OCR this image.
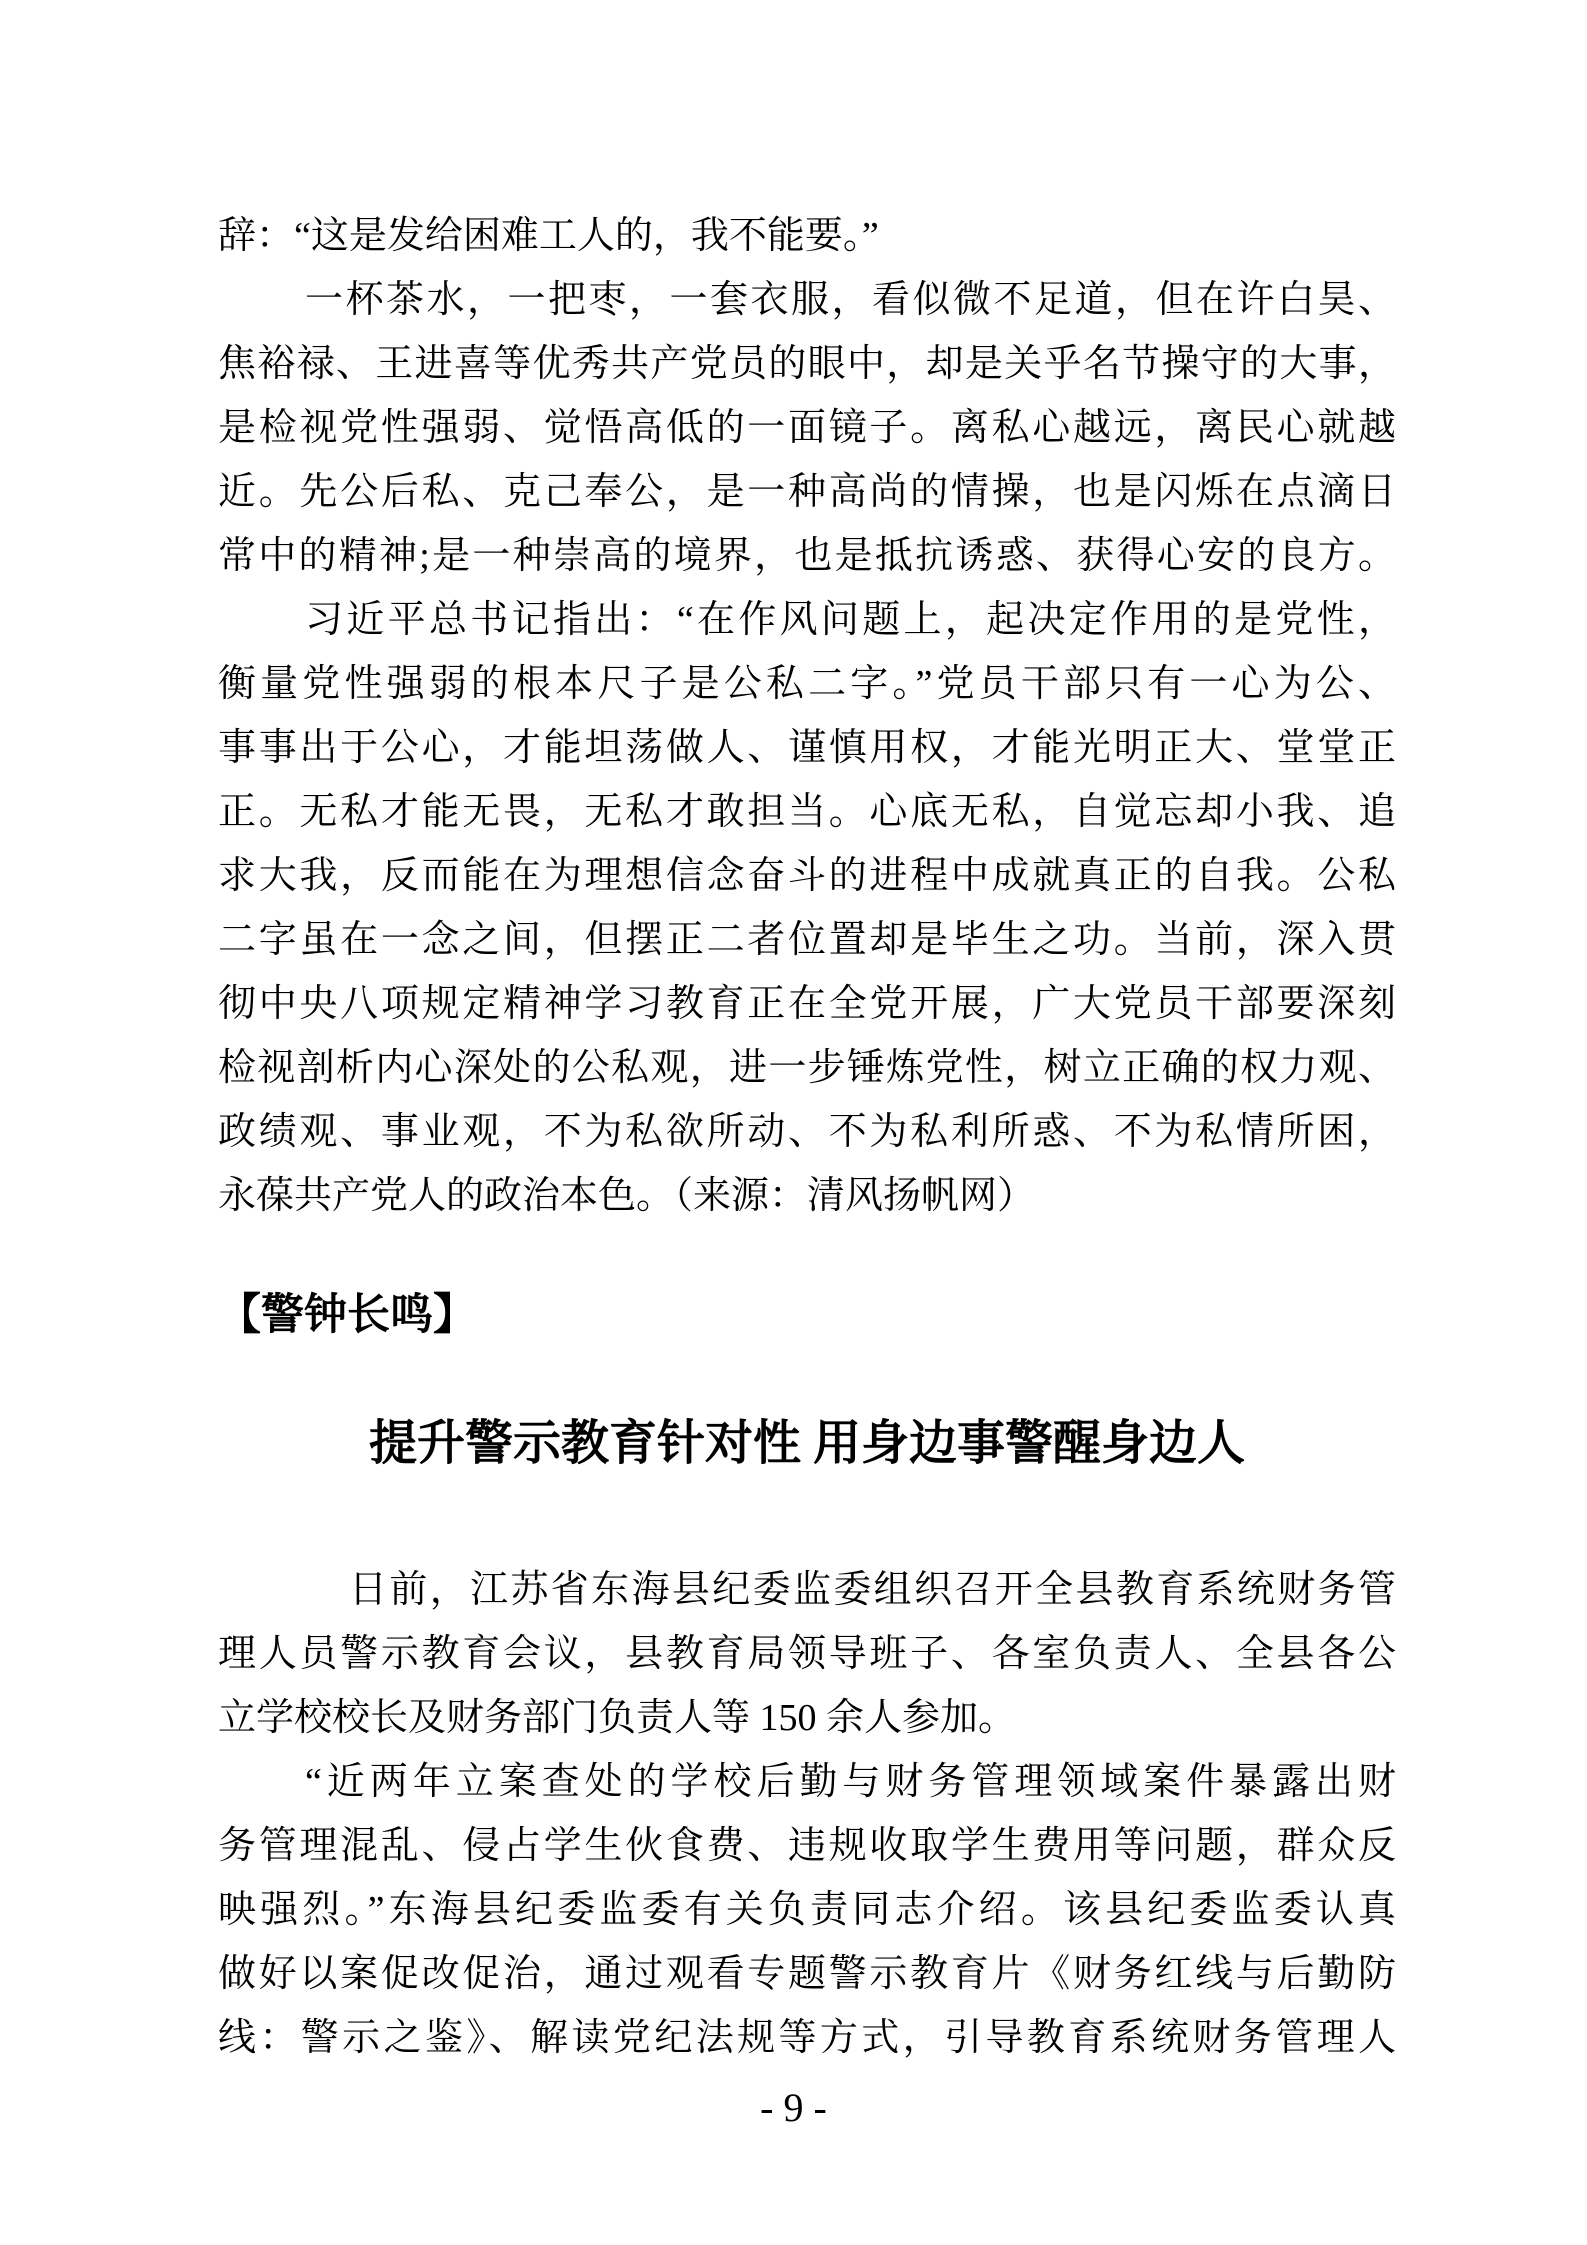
辞：“这是发给困难工人的，我不能要。”
一杯茶水，一把枣，一套衣服，看似微不足道，但在许白昊、
焦裕禄、王进喜等优秀共产党员的眼中，却是关乎名节操守的大事，
是检视党性强弱、觉悟高低的一面镜子。离私心越远，离民心就越
近。先公后私、克己奉公，是一种高尚的情操，也是闪烁在点滴日
常中的精神;是一种崇高的境界，也是抵抗诱惑、获得心安的良方。
习近平总书记指出：“在作风问题上，起决定作用的是党性，
衡量党性强弱的根本尺子是公私二字。”党员干部只有一心为公、
事事出于公心，才能坦荡做人、谨慎用权，才能光明正大、堂堂正
正。无私才能无畏，无私才敢担当。心底无私，自觉忘却小我、追
求大我，反而能在为理想信念奋斗的进程中成就真正的自我。公私
二字虽在一念之间，但摆正二者位置却是毕生之功。当前，深入贯
彻中央八项规定精神学习教育正在全党开展，广大党员干部要深刻
检视剖析内心深处的公私观，进一步锤炼党性，树立正确的权力观、
政绩观、事业观，不为私欲所动、不为私利所惑、不为私情所困，
永葆共产党人的政治本色。（来源：清风扬帆网）
【警钟长鸣】
提升警示教育针对性 用身边事警醒身边人
日前，江苏省东海县纪委监委组织召开全县教育系统财务管
理人员警示教育会议，县教育局领导班子、各室负责人、全县各公
立学校校长及财务部门负责人等 150 余人参加。
“近两年立案查处的学校后勤与财务管理领域案件暴露出财
务管理混乱、侵占学生伙食费、违规收取学生费用等问题，群众反
映强烈。”东海县纪委监委有关负责同志介绍。该县纪委监委认真
做好以案促改促治，通过观看专题警示教育片《财务红线与后勤防
线：警示之鉴》、解读党纪法规等方式，引导教育系统财务管理人
- 9 -
